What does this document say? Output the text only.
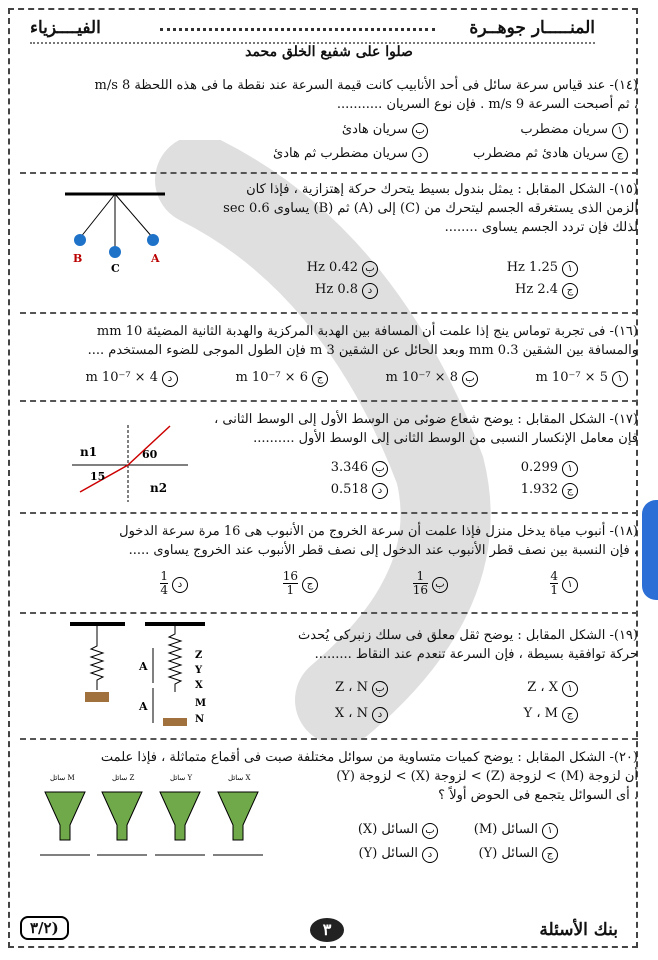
المنـــــار جوهــرة
الفيــــزياء
صلوا على شفيع الخلق محمد
(١٤)- عند قياس سرعة سائل فى أحد الأنابيب كانت قيمة السرعة عند نقطة ما فى هذه اللحظة m/s 8
، ثم أصبحت السرعة 9 m/s . فإن نوع السريان ...........
١سريان مضطرب
بسريان هادئ
جسريان هادئ ثم مضطرب
دسريان مضطرب ثم هادئ
(١٥)- الشكل المقابل : يمثل بندول بسيط يتحرك حركة إهتزازية ، فإذا كان
الزمن الذى يستغرقه الجسم ليتحرك من (C) إلى (A) ثم (B) يساوى 0.6 sec
لذلك فإن تردد الجسم يساوى ........
B
C
A
١1.25 Hz
ب0.42 Hz
ج2.4 Hz
د0.8 Hz
(١٦)- فى تجربة توماس ينج إذا علمت أن المسافة بين الهدبة المركزية والهدبة الثانية المضيئة 10 mm
والمسافة بين الشقين 0.3 mm وبعد الحائل عن الشقين 3 m فإن الطول الموجى للضوء المستخدم ....
١5 × 10⁻⁷ m
ب8 × 10⁻⁷ m
ج6 × 10⁻⁷ m
د4 × 10⁻⁷ m
(١٧)- الشكل المقابل : يوضح شعاع ضوئى من الوسط الأول إلى الوسط الثانى ،
فإن معامل الإنكسار النسبى من الوسط الثانى إلى الوسط الأول ..........
n1
n2
60
15
١0.299
ب3.346
ج1.932
د0.518
(١٨)- أنبوب مياة يدخل منزل فإذا علمت أن سرعة الخروج من الأنبوب هى 16 مرة سرعة الدخول
، فإن النسبة بين نصف قطر الأنبوب عند الدخول إلى نصف قطر الأنبوب عند الخروج يساوى .....
١
$\frac{4}{1}$
ب
$\frac{1}{16}$
ج
$\frac{16}{1}$
د
$\frac{1}{4}$
(١٩)- الشكل المقابل : يوضح ثقل معلق فى سلك زنبركى يُحدث
حركة توافقية بسيطة ، فإن السرعة تنعدم عند النقاط .........
A
A
Z
Y
X
M
N
١Z ، X
بZ ، N
جY ، M
دX ، N
(٢٠)- الشكل المقابل : يوضح كميات متساوية من سوائل مختلفة صبت فى أقماع متماثلة ، فإذا علمت
أن لزوجة (M) > لزوجة (Z) > لزوجة (X) > لزوجة (Y)
. أى السوائل يتجمع فى الحوض أولاً ؟
سائل M	سائل Z	سائل Y	سائل X
١السائل (M)
بالسائل (X)
جالسائل (Y)
دالسائل (Y)
بنك الأسئلة
٣
٣/٢)
